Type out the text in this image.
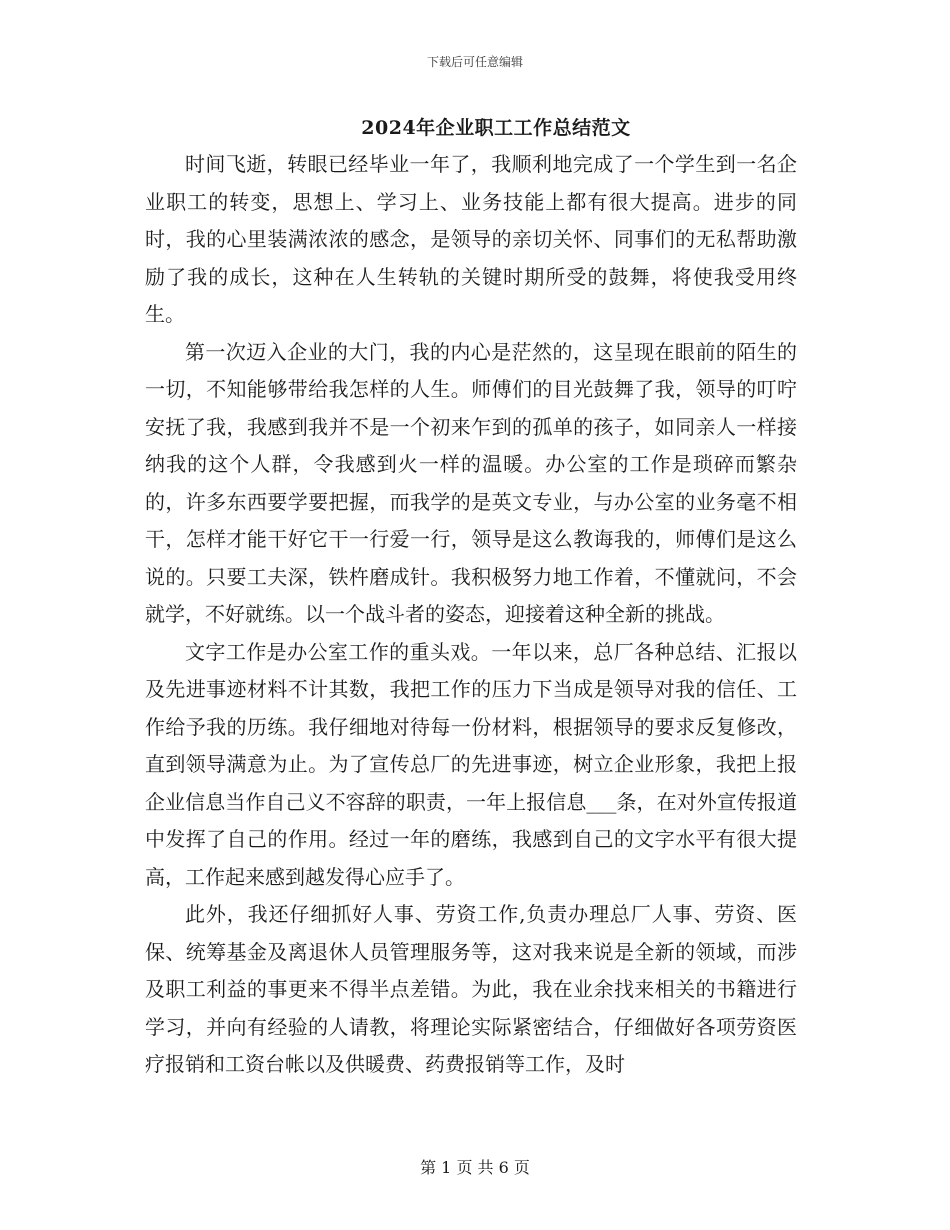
下载后可任意编辑
2024年企业职工工作总结范文

时间飞逝，转眼已经毕业一年了，我顺利地完成了一个学生到一名企业职工的转变，思想上、学习上、业务技能上都有很大提高。进步的同时，我的心里装满浓浓的感念，是领导的亲切关怀、同事们的无私帮助激励了我的成长，这种在人生转轨的关键时期所受的鼓舞，将使我受用终生。

第一次迈入企业的大门，我的内心是茫然的，这呈现在眼前的陌生的一切，不知能够带给我怎样的人生。师傅们的目光鼓舞了我，领导的叮咛安抚了我，我感到我并不是一个初来乍到的孤单的孩子，如同亲人一样接纳我的这个人群，令我感到火一样的温暖。办公室的工作是琐碎而繁杂的，许多东西要学要把握，而我学的是英文专业，与办公室的业务毫不相干，怎样才能干好它干一行爱一行，领导是这么教诲我的，师傅们是这么说的。只要工夫深，铁杵磨成针。我积极努力地工作着，不懂就问，不会就学，不好就练。以一个战斗者的姿态，迎接着这种全新的挑战。

文字工作是办公室工作的重头戏。一年以来，总厂各种总结、汇报以及先进事迹材料不计其数，我把工作的压力下当成是领导对我的信任、工作给予我的历练。我仔细地对待每一份材料，根据领导的要求反复修改，直到领导满意为止。为了宣传总厂的先进事迹，树立企业形象，我把上报企业信息当作自己义不容辞的职责，一年上报信息___条，在对外宣传报道中发挥了自己的作用。经过一年的磨练，我感到自己的文字水平有很大提高，工作起来感到越发得心应手了。

此外，我还仔细抓好人事、劳资工作,负责办理总厂人事、劳资、医保、统筹基金及离退休人员管理服务等，这对我来说是全新的领域，而涉及职工利益的事更来不得半点差错。为此，我在业余找来相关的书籍进行学习，并向有经验的人请教，将理论实际紧密结合，仔细做好各项劳资医疗报销和工资台帐以及供暖费、药费报销等工作，及时

第 1 页 共 6 页
